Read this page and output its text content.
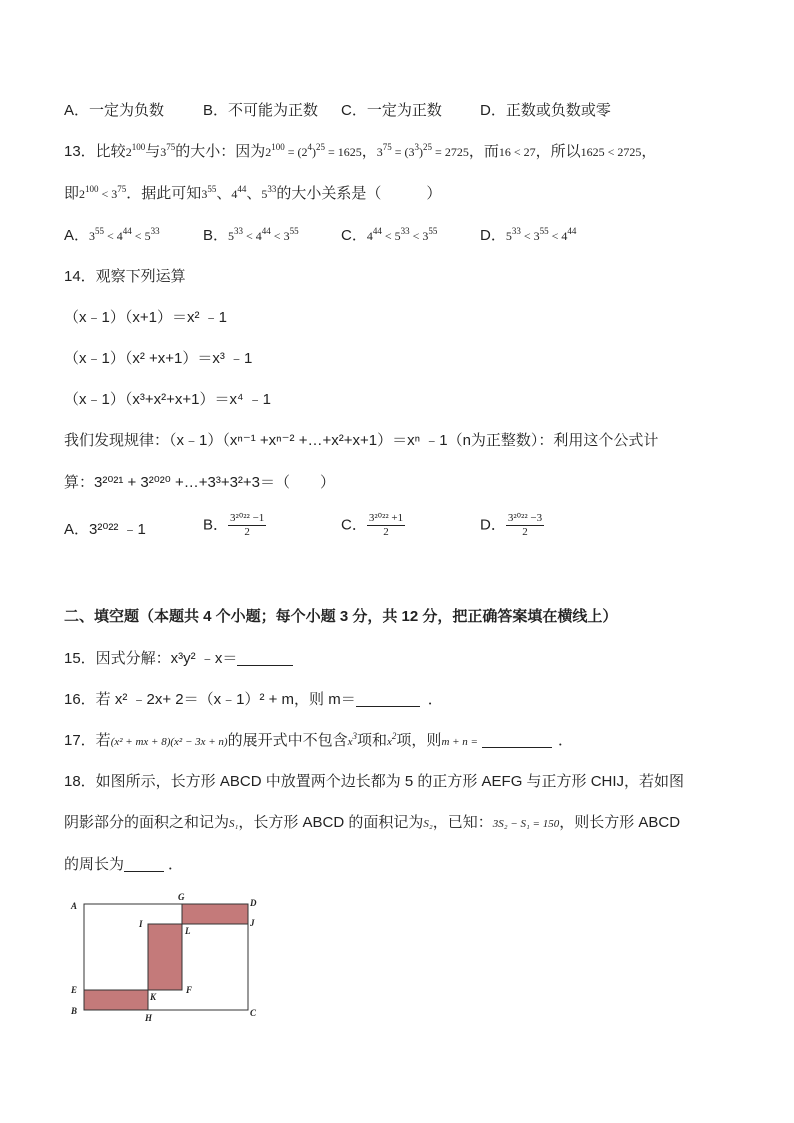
A．一定为负数	B．不可能为正数 C．一定为正数	D．正数或负数或零
13．比较$2^{100}$与$3^{75}$的大小：因为$2^{100} = (2^4)^{25} = 1625$，$3^{75} = (3^3)^{25} = 2725$，而16 < 27，所以1625 < 2725，
即$2^{100} < 3^{75}$．据此可知$3^{55}$、$4^{44}$、$5^{33}$的大小关系是（　　　）
A．$3^{55} < 4^{44} < 5^{33}$	B．$5^{33} < 4^{44} < 3^{55}$	C．$4^{44} < 5^{33} < 3^{55}$	D．$5^{33} < 3^{55} < 4^{44}$
14．观察下列运算
（x﹣1）（x+1）＝x² ﹣1
（x﹣1）（x² +x+1）＝x³ ﹣1
（x﹣1）（x³+x²+x+1）＝x⁴ ﹣1
我们发现规律：（x﹣1）（xⁿ⁻¹ +xⁿ⁻² +…+x²+x+1）＝xⁿ ﹣1（n为正整数）：利用这个公式计
算：3²⁰²¹ + 3²⁰²⁰ +…+3³+3²+3＝（　　）
A．3²⁰²² ﹣1	B． $\frac{\text{3²⁰²² −1}}{2}$	C． $\frac{\text{3²⁰²² +1}}{2}$	D． $\frac{\text{3²⁰²² −3}}{2}$
二、填空题（本题共 4 个小题；每个小题 3 分，共 12 分，把正确答案填在横线上）
15．因式分解：x³y² ﹣x＝
16．若 x² ﹣2x+ 2＝（x﹣1）² + m，则 m＝	．
17．若(x² + mx + 8)(x² − 3x + n)的展开式中不包含$x^3$项和$x^2$项，则m + n =	．
18．如图所示，长方形 ABCD 中放置两个边长都为 5 的正方形 AEFG 与正方形 CHIJ，若如图
阴影部分的面积之和记为S₁，长方形 ABCD 的面积记为S₂，已知：3S₂ − S₁ = 150，则长方形 ABCD
的周长为	．
A
G
D
I
L
J
E
K
F
B
H	C
